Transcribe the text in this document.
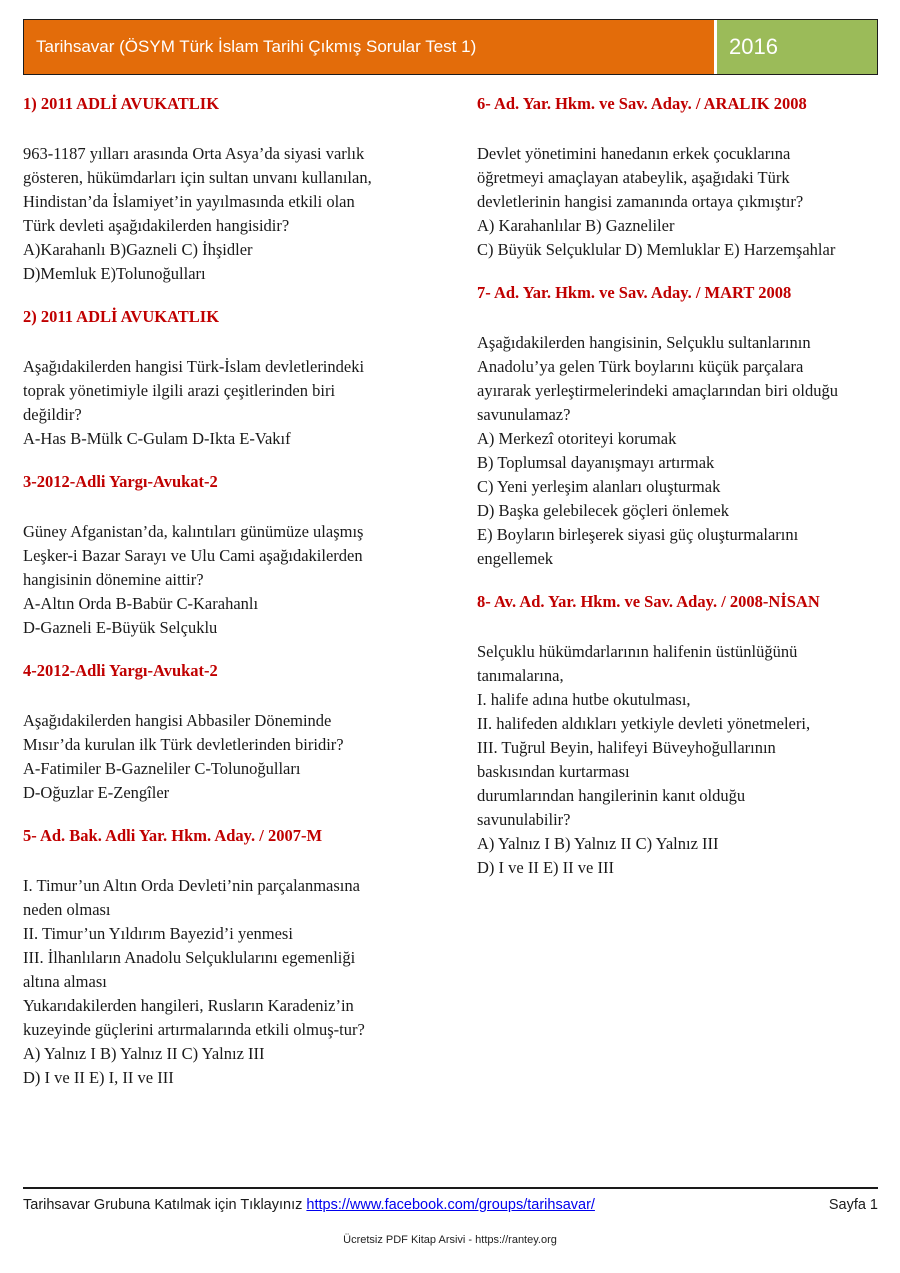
Tarihsavar (ÖSYM Türk İslam Tarihi Çıkmış Sorular Test 1)	2016
1) 2011 ADLİ AVUKATLIK
963-1187 yılları arasında Orta Asya’da siyasi varlık
gösteren, hükümdarları için sultan unvanı kullanılan,
Hindistan’da İslamiyet’in yayılmasında etkili olan
Türk devleti aşağıdakilerden hangisidir?
A)Karahanlı B)Gazneli C) İhşidler
D)Memluk E)Tolunoğulları
2) 2011 ADLİ AVUKATLIK
Aşağıdakilerden hangisi Türk-İslam devletlerindeki
toprak yönetimiyle ilgili arazi çeşitlerinden biri
değildir?
A-Has B-Mülk C-Gulam D-Ikta E-Vakıf
3-2012-Adli Yargı-Avukat-2
Güney Afganistan’da, kalıntıları günümüze ulaşmış
Leşker-i Bazar Sarayı ve Ulu Cami aşağıdakilerden
hangisinin dönemine aittir?
A-Altın Orda B-Babür C-Karahanlı
D-Gazneli E-Büyük Selçuklu
4-2012-Adli Yargı-Avukat-2
Aşağıdakilerden hangisi Abbasiler Döneminde
Mısır’da kurulan ilk Türk devletlerinden biridir?
A-Fatimiler B-Gazneliler C-Tolunoğulları
D-Oğuzlar E-Zengîler
5- Ad. Bak. Adli Yar. Hkm. Aday. / 2007-M
I. Timur’un Altın Orda Devleti’nin parçalanmasına
neden olması
II. Timur’un Yıldırım Bayezid’i yenmesi
III. İlhanlıların Anadolu Selçuklularını egemenliği
altına alması
Yukarıdakilerden hangileri, Rusların Karadeniz’in
kuzeyinde güçlerini artırmalarında etkili olmuş-tur?
A) Yalnız I B) Yalnız II C) Yalnız III
D) I ve II E) I, II ve III
6- Ad. Yar. Hkm. ve Sav. Aday. / ARALIK 2008
Devlet yönetimini hanedanın erkek çocuklarına
öğretmeyi amaçlayan atabeylik, aşağıdaki Türk
devletlerinin hangisi zamanında ortaya çıkmıştır?
A) Karahanlılar B) Gazneliler
C) Büyük Selçuklular D) Memluklar E) Harzemşahlar
7- Ad. Yar. Hkm. ve Sav. Aday. / MART 2008
Aşağıdakilerden hangisinin, Selçuklu sultanlarının
Anadolu’ya gelen Türk boylarını küçük parçalara
ayırarak yerleştirmelerindeki amaçlarından biri olduğu
savunulamaz?
A) Merkezî otoriteyi korumak
B) Toplumsal dayanışmayı artırmak
C) Yeni yerleşim alanları oluşturmak
D) Başka gelebilecek göçleri önlemek
E) Boyların birleşerek siyasi güç oluşturmalarını
engellemek
8- Av. Ad. Yar. Hkm. ve Sav. Aday. / 2008-NİSAN
Selçuklu hükümdarlarının halifenin üstünlüğünü
tanımalarına,
I. halife adına hutbe okutulması,
II. halifeden aldıkları yetkiyle devleti yönetmeleri,
III. Tuğrul Beyin, halifeyi Büveyhoğullarının
baskısından kurtarması
durumlarından hangilerinin kanıt olduğu
savunulabilir?
A) Yalnız I B) Yalnız II C) Yalnız III
D) I ve II E) II ve III
Tarihsavar Grubuna Katılmak için Tıklayınız https://www.facebook.com/groups/tarihsavar/	Sayfa 1
Ücretsiz PDF Kitap Arsivi - https://rantey.org
